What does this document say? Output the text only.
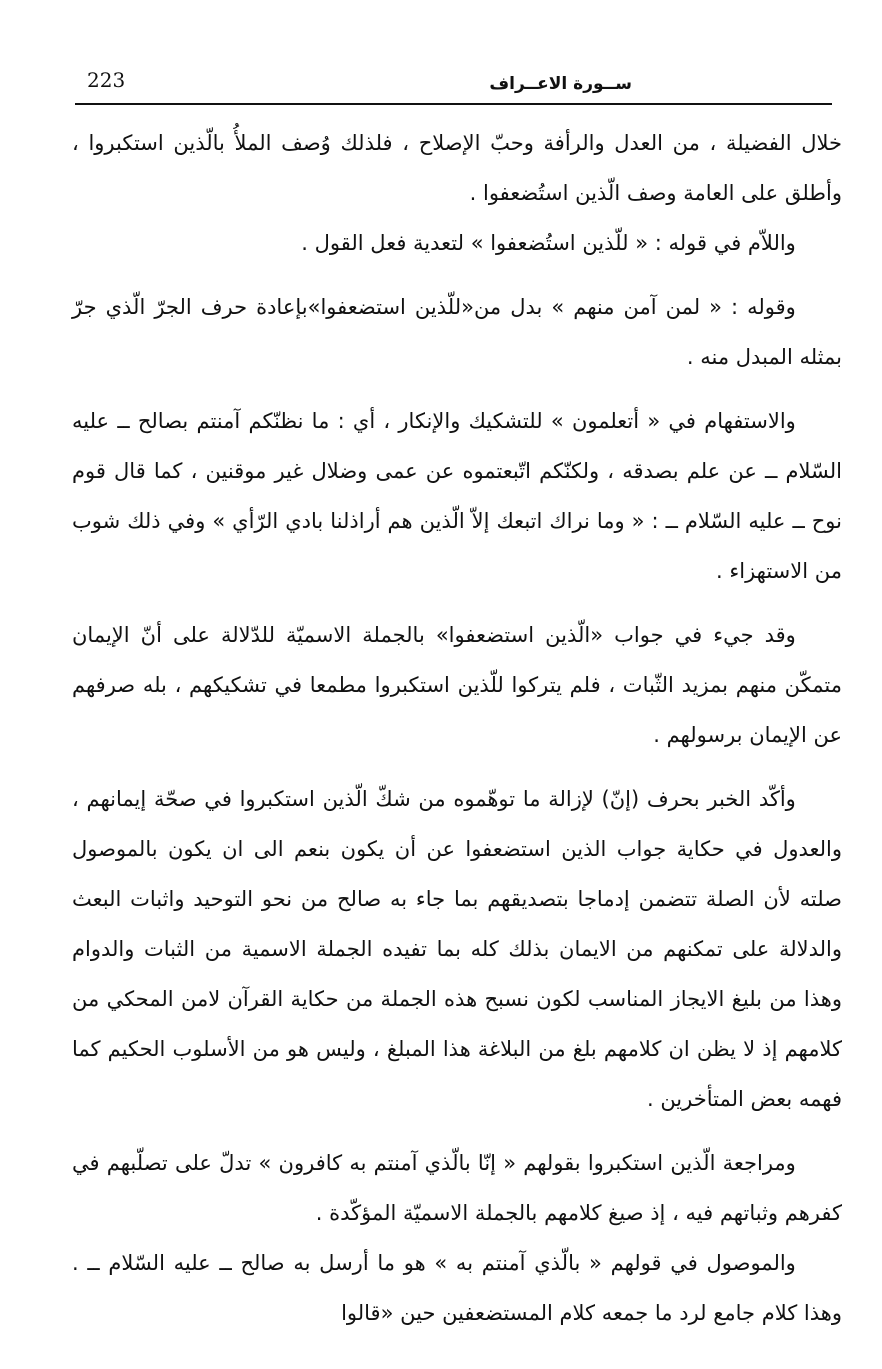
223	ســورة الاعــراف

خلال الفضيلة ، من العدل والرأفة وحبّ الإصلاح ، فلذلك وُصف الملأُ بالّذين استكبروا ، وأطلق على العامة وصف الّذين استُضعفوا .

واللاّم في قوله : « للّذين استُضعفوا » لتعدية فعل القول .

وقوله : « لمن آمن منهم » بدل من«للّذين استضعفوا»بإعادة حرف الجرّ الّذي جرّ بمثله المبدل منه .

والاستفهام في « أتعلمون » للتشكيك والإنكار ، أي : ما نظنّكم آمنتم بصالح ــ عليه السّلام ــ عن علم بصدقه ، ولكنّكم اتّبعتموه عن عمى وضلال غير موقنين ، كما قال قوم نوح ــ عليه السّلام ــ : « وما نراك اتبعك إلاّ الّذين هم أراذلنا بادي الرّأي » وفي ذلك شوب من الاستهزاء .

وقد جيء في جواب «الّذين استضعفوا» بالجملة الاسميّة للدّلالة على أنّ الإيمان متمكّن منهم بمزيد الثّبات ، فلم يتركوا للّذين استكبروا مطمعا في تشكيكهم ، بله صرفهم عن الإيمان برسولهم .

وأكّد الخبر بحرف (إنّ) لإزالة ما توهّموه من شكّ الّذين استكبروا في صحّة إيمانهم ، والعدول في حكاية جواب الذين استضعفوا عن أن يكون بنعم الى ان يكون بالموصول صلته لأن الصلة تتضمن إدماجا بتصديقهم بما جاء به صالح من نحو التوحيد واثبات البعث والدلالة على تمكنهم من الايمان بذلك كله بما تفيده الجملة الاسمية من الثبات والدوام وهذا من بليغ الايجاز المناسب لكون نسبح هذه الجملة من حكاية القرآن لامن المحكي من كلامهم إذ لا يظن ان كلامهم بلغ من البلاغة هذا المبلغ ، وليس هو من الأسلوب الحكيم كما فهمه بعض المتأخرين .

ومراجعة الّذين استكبروا بقولهم « إنّا بالّذي آمنتم به كافرون » تدلّ على تصلّبهم في كفرهم وثباتهم فيه ، إذ صيغ كلامهم بالجملة الاسميّة المؤكّدة .

والموصول في قولهم « بالّذي آمنتم به » هو ما أرسل به صالح ــ عليه السّلام ــ . وهذا كلام جامع لرد ما جمعه كلام المستضعفين حين «قالوا
